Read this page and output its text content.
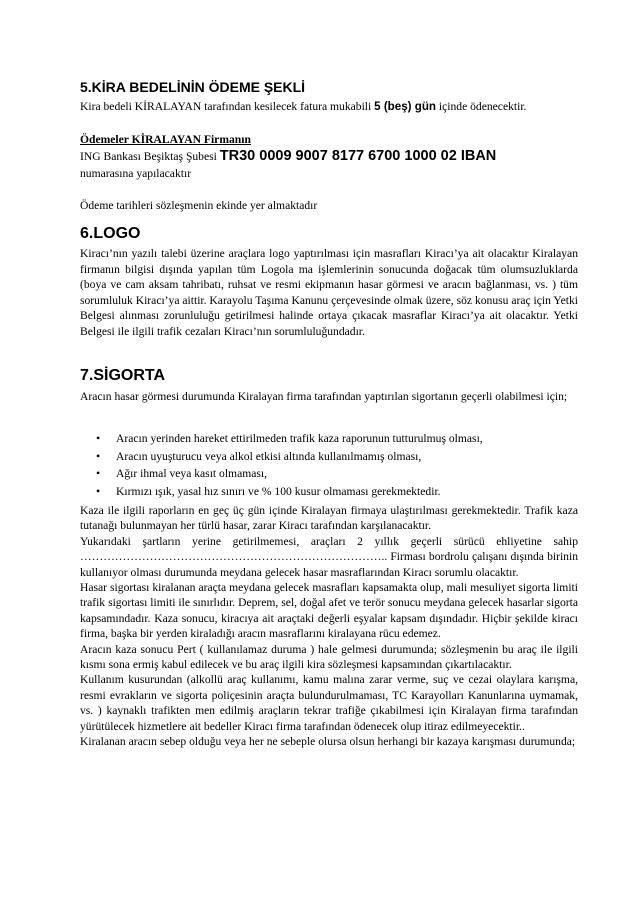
5.KİRA BEDELİNİN ÖDEME ŞEKLİ

Kira bedeli KİRALAYAN tarafından kesilecek fatura mukabili 5 (beş) gün içinde ödenecektir.

Ödemeler KİRALAYAN Firmanın

ING Bankası Beşiktaş Şubesi TR30 0009 9007 8177 6700 1000 02 IBAN

numarasına yapılacaktır

Ödeme tarihleri sözleşmenin ekinde yer almaktadır

6.LOGO

Kiracı’nın yazılı talebi üzerine araçlara logo yaptırılması için masrafları Kiracı’ya ait olacaktır Kiralayan firmanın bilgisi dışında yapılan tüm Logola ma işlemlerinin sonucunda doğacak tüm olumsuzluklarda (boya ve cam aksam tahribatı, ruhsat ve resmi ekipmanın hasar görmesi ve aracın bağlanması, vs. ) tüm sorumluluk Kiracı’ya aittir. Karayolu Taşıma Kanunu çerçevesinde olmak üzere, söz konusu araç için Yetki Belgesi alınması zorunluluğu getirilmesi halinde ortaya çıkacak masraflar Kiracı’ya ait olacaktır. Yetki Belgesi ile ilgili trafik cezaları Kiracı’nın sorumluluğundadır.

7.SİGORTA

Aracın hasar görmesi durumunda Kiralayan firma tarafından yaptırılan sigortanın geçerli olabilmesi için;

• Aracın yerinden hareket ettirilmeden trafik kaza raporunun tutturulmuş olması,
• Aracın uyuşturucu veya alkol etkisi altında kullanılmamış olması,
• Ağır ihmal veya kasıt olmaması,
• Kırmızı ışık, yasal hız sınırı ve % 100 kusur olmaması gerekmektedir.

Kaza ile ilgili raporların en geç üç gün içinde Kiralayan firmaya ulaştırılması gerekmektedir. Trafik kaza tutanağı bulunmayan her türlü hasar, zarar Kiracı tarafından karşılanacaktır.

Yukarıdaki şartların yerine getirilmemesi, araçları 2 yıllık geçerli sürücü ehliyetine sahip …………………………………………………………………….. Firması bordrolu çalışanı dışında birinin kullanıyor olması durumunda meydana gelecek hasar masraflarından Kiracı sorumlu olacaktır.

Hasar sigortası kiralanan araçta meydana gelecek masrafları kapsamakta olup, mali mesuliyet sigorta limiti trafik sigortası limiti ile sınırlıdır. Deprem, sel, doğal afet ve terör sonucu meydana gelecek hasarlar sigorta kapsamındadır. Kaza sonucu, kiracıya ait araçtaki değerli eşyalar kapsam dışındadır. Hiçbir şekilde kiracı firma, başka bir yerden kiraladığı aracın masraflarını kiralayana rücu edemez.

Aracın kaza sonucu Pert ( kullanılamaz duruma ) hale gelmesi durumunda; sözleşmenin bu araç ile ilgili kısmı sona ermiş kabul edilecek ve bu araç ilgili kira sözleşmesi kapsamından çıkartılacaktır.

Kullanım kusurundan (alkollü araç kullanımı, kamu malına zarar verme, suç ve cezai olaylara karışma, resmi evrakların ve sigorta poliçesinin araçta bulundurulmaması, TC Karayolları Kanunlarına uymamak, vs. ) kaynaklı trafikten men edilmiş araçların tekrar trafiğe çıkabilmesi için Kiralayan firma tarafından yürütülecek hizmetlere ait bedeller Kiracı firma tarafından ödenecek olup itiraz edilmeyecektir..

Kiralanan aracın sebep olduğu veya her ne sebeple olursa olsun herhangi bir kazaya karışması durumunda;
